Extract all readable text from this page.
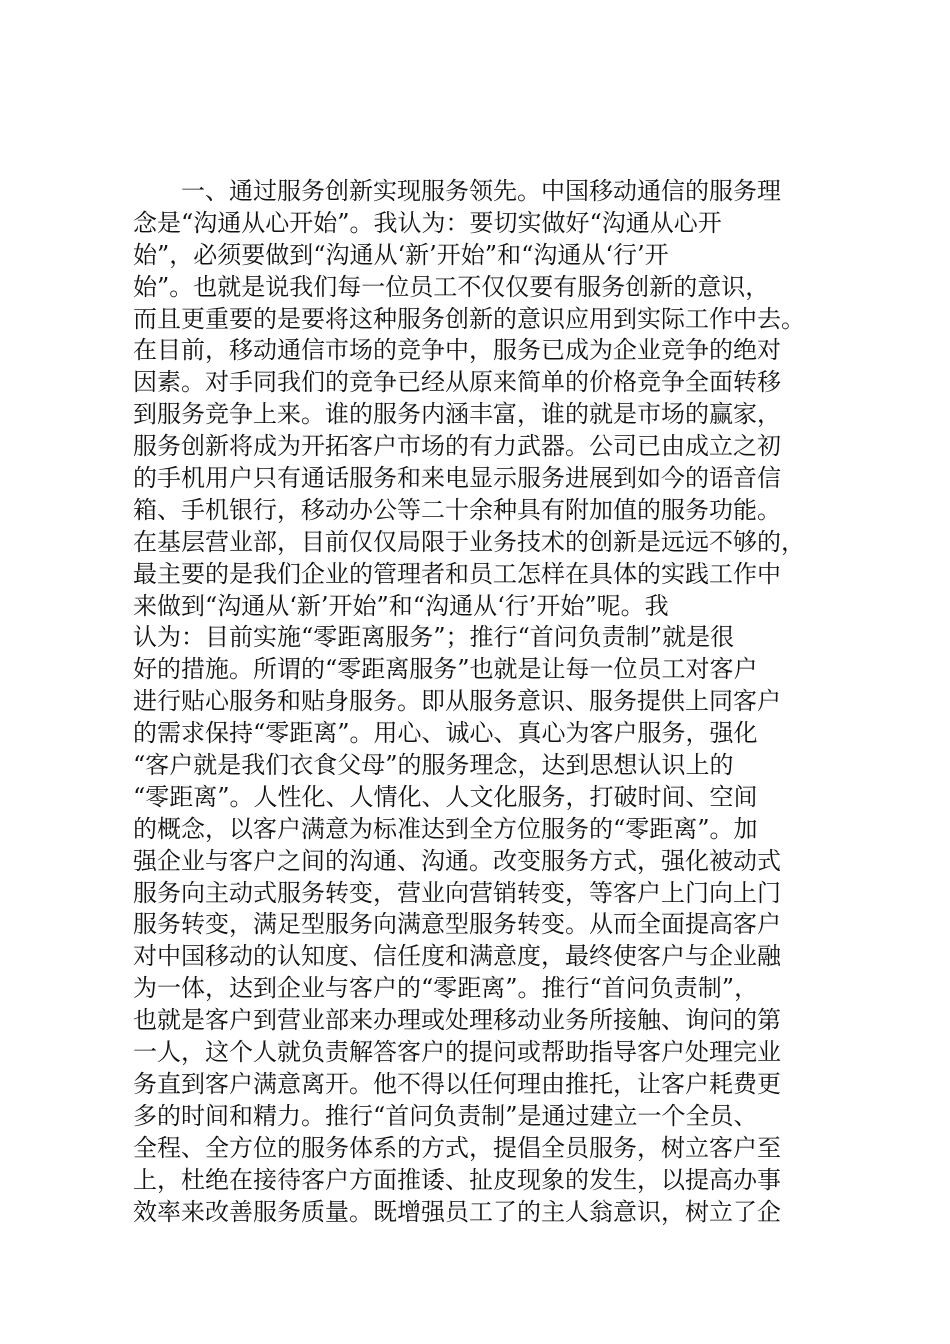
一、通过服务创新实现服务领先。中国移动通信的服务理
念是“沟通从心开始”。我认为：要切实做好“沟通从心开
始”，必须要做到“沟通从‘新’开始”和“沟通从‘行’开
始”。也就是说我们每一位员工不仅仅要有服务创新的意识，
而且更重要的是要将这种服务创新的意识应用到实际工作中去。
在目前，移动通信市场的竞争中，服务已成为企业竞争的绝对
因素。对手同我们的竞争已经从原来简单的价格竞争全面转移
到服务竞争上来。谁的服务内涵丰富，谁的就是市场的赢家，
服务创新将成为开拓客户市场的有力武器。公司已由成立之初
的手机用户只有通话服务和来电显示服务进展到如今的语音信
箱、手机银行，移动办公等二十余种具有附加值的服务功能。
在基层营业部，目前仅仅局限于业务技术的创新是远远不够的，
最主要的是我们企业的管理者和员工怎样在具体的实践工作中
来做到“沟通从‘新’开始”和“沟通从‘行’开始”呢。我
认为：目前实施“零距离服务”；推行“首问负责制”就是很
好的措施。所谓的“零距离服务”也就是让每一位员工对客户
进行贴心服务和贴身服务。即从服务意识、服务提供上同客户
的需求保持“零距离”。用心、诚心、真心为客户服务，强化
“客户就是我们衣食父母”的服务理念，达到思想认识上的
“零距离”。人性化、人情化、人文化服务，打破时间、空间
的概念，以客户满意为标准达到全方位服务的“零距离”。加
强企业与客户之间的沟通、沟通。改变服务方式，强化被动式
服务向主动式服务转变，营业向营销转变，等客户上门向上门
服务转变，满足型服务向满意型服务转变。从而全面提高客户
对中国移动的认知度、信任度和满意度，最终使客户与企业融
为一体，达到企业与客户的“零距离”。推行“首问负责制”，
也就是客户到营业部来办理或处理移动业务所接触、询问的第
一人，这个人就负责解答客户的提问或帮助指导客户处理完业
务直到客户满意离开。他不得以任何理由推托，让客户耗费更
多的时间和精力。推行“首问负责制”是通过建立一个全员、
全程、全方位的服务体系的方式，提倡全员服务，树立客户至
上，杜绝在接待客户方面推诿、扯皮现象的发生，以提高办事
效率来改善服务质量。既增强员工了的主人翁意识，树立了企
